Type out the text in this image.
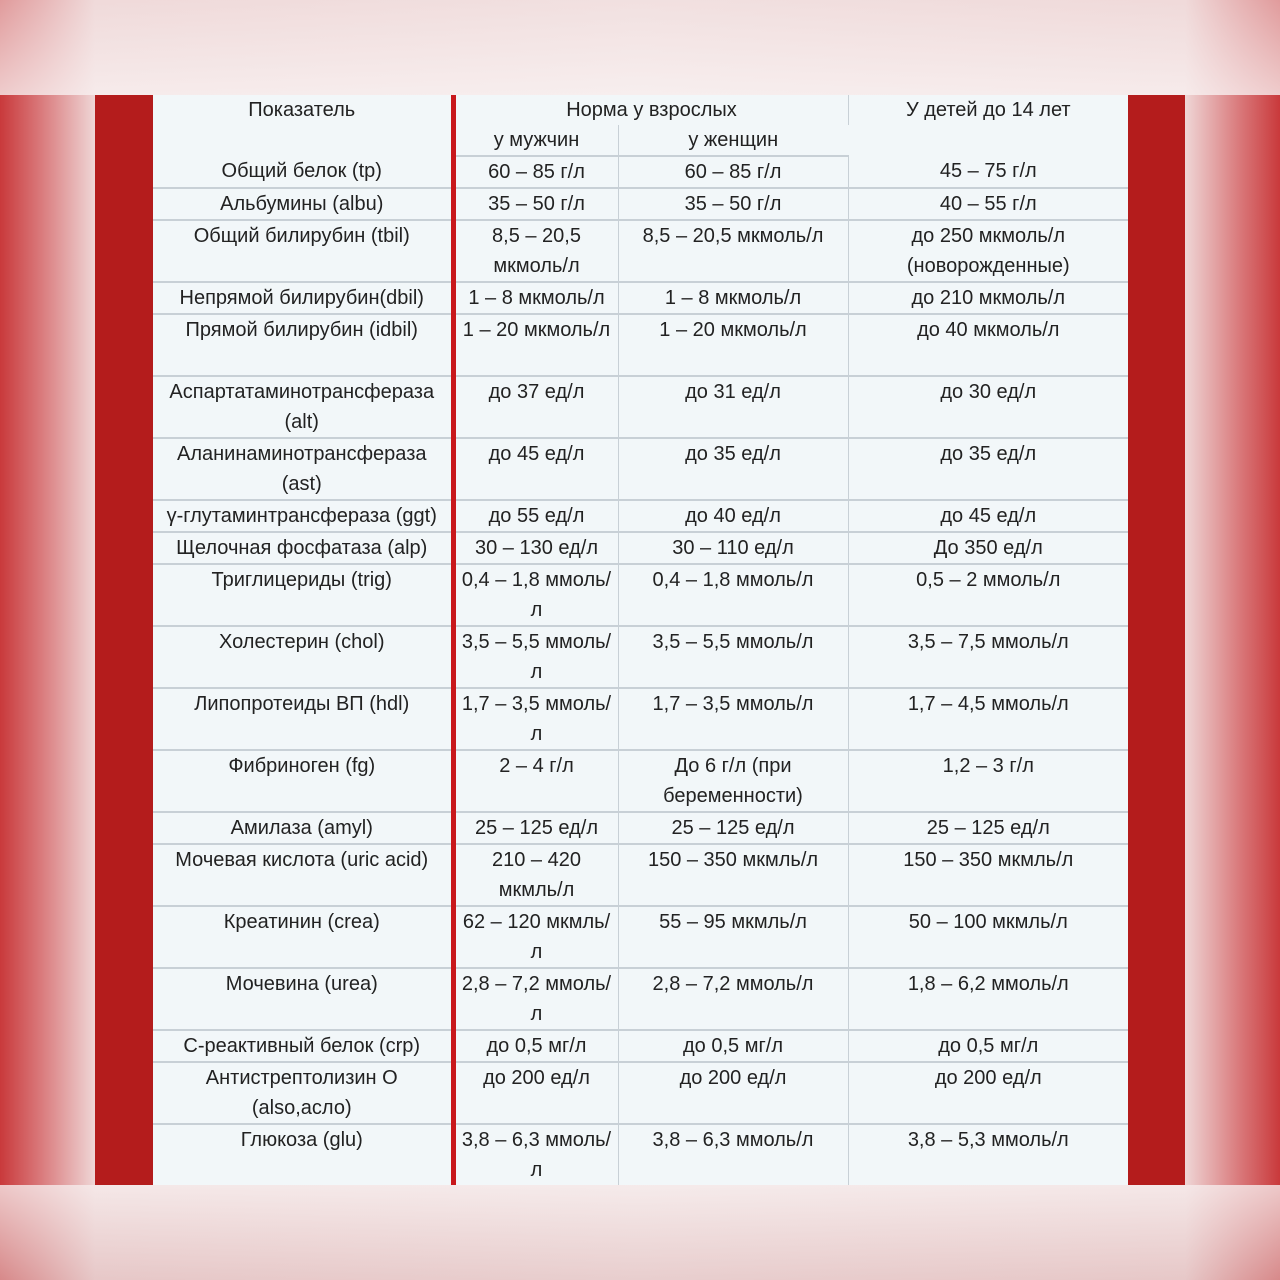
Показатель	Норма у взрослых		У детей до 14 лет
	у мужчин	у женщин	
Общий белок (tp)	60 – 85 г/л	60 – 85 г/л	45 – 75 г/л
Альбумины (albu)	35 – 50 г/л	35 – 50 г/л	40 – 55 г/л
Общий билирубин (tbil)	8,5 – 20,5 мкмоль/л	8,5 – 20,5 мкмоль/л	до 250 мкмоль/л (новорожденные)
Непрямой билирубин(dbil)	1 – 8 мкмоль/л	1 – 8 мкмоль/л	до 210 мкмоль/л
Прямой билирубин (idbil)	1 – 20 мкмоль/л	1 – 20 мкмоль/л	до 40 мкмоль/л
Аспартатаминотрансфераза (alt)	до 37 ед/л	до 31 ед/л	до 30 ед/л
Аланинаминотрансфераза (ast)	до 45 ед/л	до 35 ед/л	до 35 ед/л
γ-глутаминтрансфераза (ggt)	до 55 ед/л	до 40 ед/л	до 45 ед/л
Щелочная фосфатаза (alp)	30 – 130 ед/л	30 – 110 ед/л	До 350 ед/л
Триглицериды (trig)	0,4 – 1,8 ммоль/л	0,4 – 1,8 ммоль/л	0,5 – 2 ммоль/л
Холестерин (chol)	3,5 – 5,5 ммоль/л	3,5 – 5,5 ммоль/л	3,5 – 7,5 ммоль/л
Липопротеиды ВП (hdl)	1,7 – 3,5 ммоль/л	1,7 – 3,5 ммоль/л	1,7 – 4,5 ммоль/л
Фибриноген (fg)	2 – 4 г/л	До 6 г/л (при беременности)	1,2 – 3 г/л
Амилаза (amyl)	25 – 125 ед/л	25 – 125 ед/л	25 – 125 ед/л
Мочевая кислота (uric acid)	210 – 420 мкмль/л	150 – 350 мкмль/л	150 – 350 мкмль/л
Креатинин (crea)	62 – 120 мкмль/л	55 – 95 мкмль/л	50 – 100 мкмль/л
Мочевина (urea)	2,8 – 7,2 ммоль/л	2,8 – 7,2 ммоль/л	1,8 – 6,2 ммоль/л
С-реактивный белок (crp)	до 0,5 мг/л	до 0,5 мг/л	до 0,5 мг/л
Антистрептолизин О (also,асло)	до 200 ед/л	до 200 ед/л	до 200 ед/л
Глюкоза (glu)	3,8 – 6,3 ммоль/л	3,8 – 6,3 ммоль/л	3,8 – 5,3 ммоль/л
